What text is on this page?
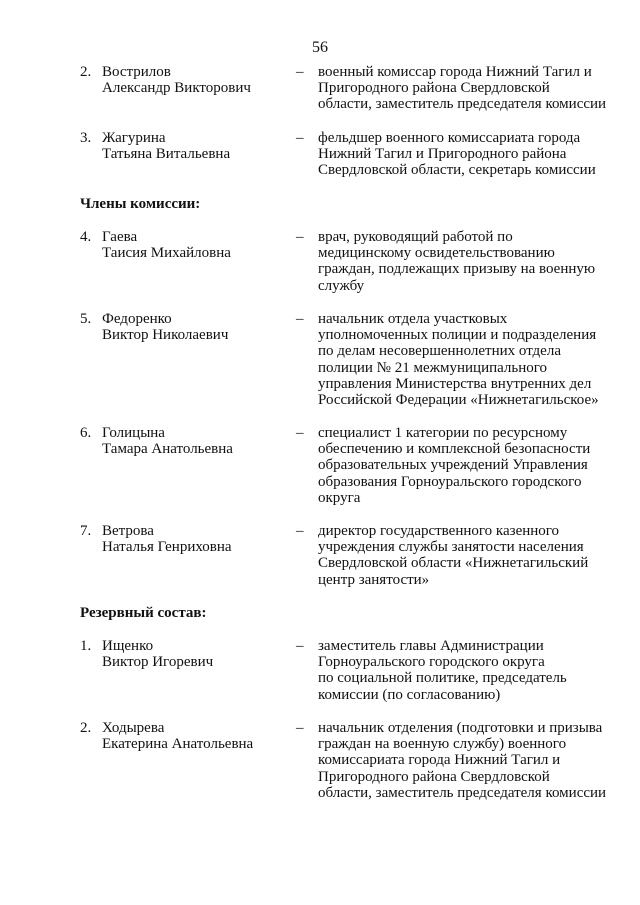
56
2. Вострилов
Александр Викторович
– военный комиссар города Нижний Тагил и
Пригородного района Свердловской
области, заместитель председателя комиссии
3. Жагурина
Татьяна Витальевна
– фельдшер военного комиссариата города
Нижний Тагил и Пригородного района
Свердловской области, секретарь комиссии
Члены комиссии:
4. Гаева
Таисия Михайловна
– врач, руководящий работой по
медицинскому освидетельствованию
граждан, подлежащих призыву на военную
службу
5. Федоренко
Виктор Николаевич
– начальник отдела участковых
уполномоченных полиции и подразделения
по делам несовершеннолетних отдела
полиции № 21 межмуниципального
управления Министерства внутренних дел
Российской Федерации «Нижнетагильское»
6. Голицына
Тамара Анатольевна
– специалист 1 категории по ресурсному
обеспечению и комплексной безопасности
образовательных учреждений Управления
образования Горноуральского городского
округа
7. Ветрова
Наталья Генриховна
– директор государственного казенного
учреждения службы занятости населения
Свердловской области «Нижнетагильский
центр занятости»
Резервный состав:
1. Ищенко
Виктор Игоревич
– заместитель главы Администрации
Горноуральского городского округа
по социальной политике, председатель
комиссии (по согласованию)
2. Ходырева
Екатерина Анатольевна
– начальник отделения (подготовки и призыва
граждан на военную службу) военного
комиссариата города Нижний Тагил и
Пригородного района Свердловской
области, заместитель председателя комиссии
